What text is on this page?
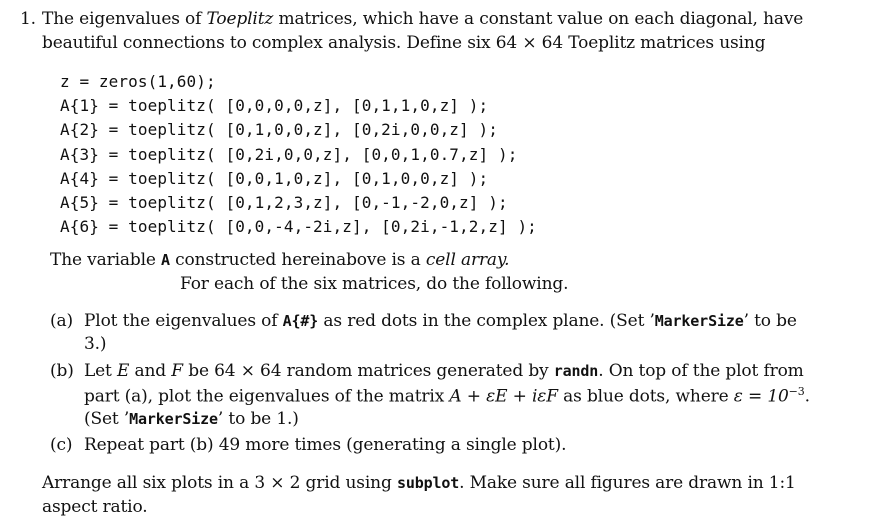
1. The eigenvalues of Toeplitz matrices, which have a constant value on each diagonal, have
beautiful connections to complex analysis. Define six 64 × 64 Toeplitz matrices using
z = zeros(1,60);
A{1} = toeplitz( [0,0,0,0,z], [0,1,1,0,z] );
A{2} = toeplitz( [0,1,0,0,z], [0,2i,0,0,z] );
A{3} = toeplitz( [0,2i,0,0,z], [0,0,1,0.7,z] );
A{4} = toeplitz( [0,0,1,0,z], [0,1,0,0,z] );
A{5} = toeplitz( [0,1,2,3,z], [0,-1,-2,0,z] );
A{6} = toeplitz( [0,0,-4,-2i,z], [0,2i,-1,2,z] );
The variable A constructed hereinabove is a cell array.
For each of the six matrices, do the following.
(a) Plot the eigenvalues of A{#} as red dots in the complex plane. (Set ’MarkerSize’ to be
3.)
(b) Let E and F be 64 × 64 random matrices generated by randn. On top of the plot from
part (a), plot the eigenvalues of the matrix A + εE + iεF as blue dots, where $\varepsilon = 10^{-3}$.
(Set ’MarkerSize’ to be 1.)
(c) Repeat part (b) 49 more times (generating a single plot).
Arrange all six plots in a 3 × 2 grid using subplot. Make sure all figures are drawn in 1:1
aspect ratio.
